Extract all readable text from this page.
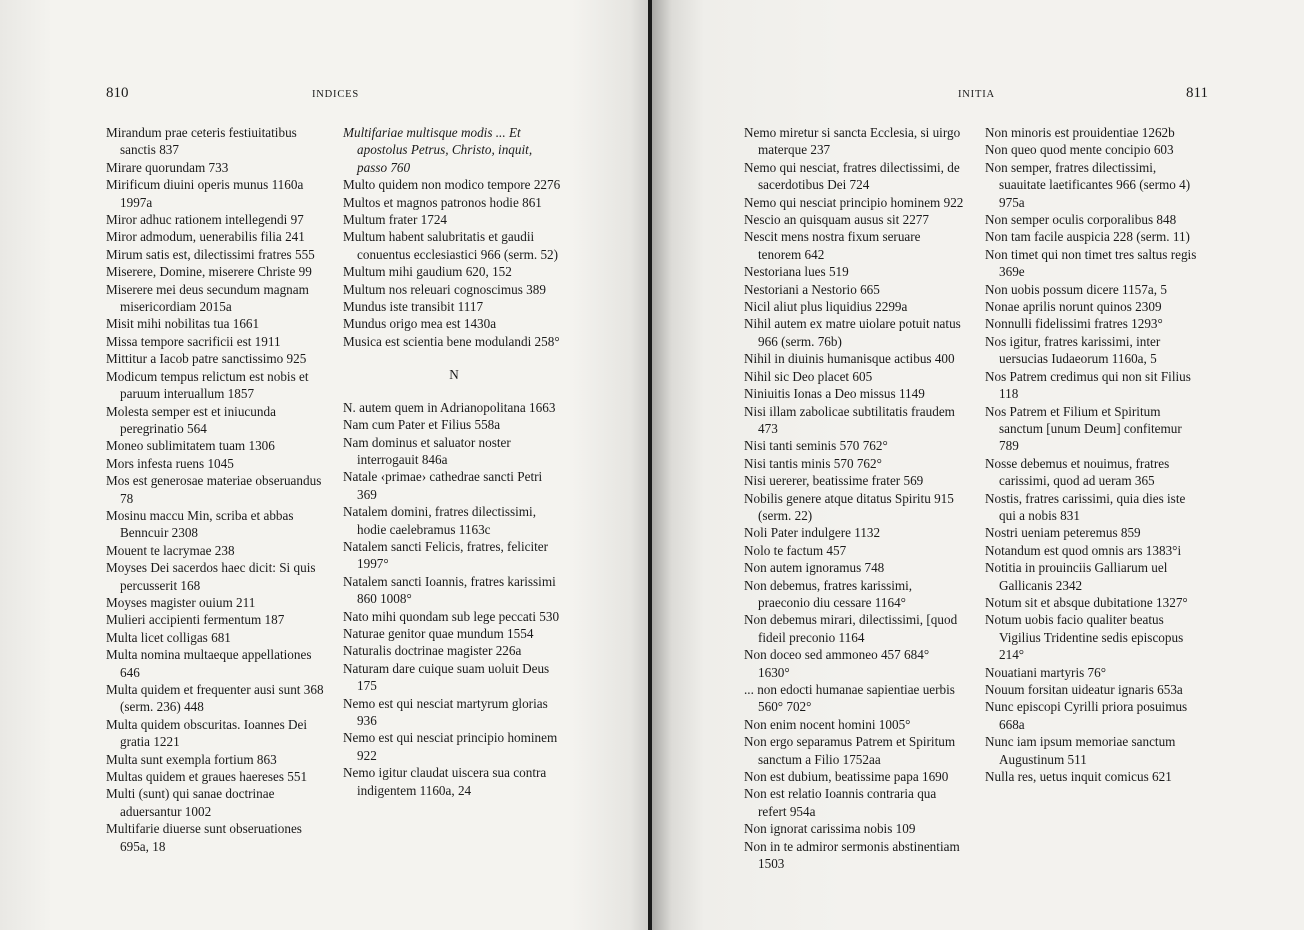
810	INDICES
Mirandum prae ceteris festiuitatibus sanctis 837
Mirare quorundam 733
Mirificum diuini operis munus 1160a 1997a
Miror adhuc rationem intellegendi 97
Miror admodum, uenerabilis filia 241
Mirum satis est, dilectissimi fratres 555
Miserere, Domine, miserere Christe 99
Miserere mei deus secundum magnam misericordiam 2015a
Misit mihi nobilitas tua 1661
Missa tempore sacrificii est 1911
Mittitur a Iacob patre sanctissimo 925
Modicum tempus relictum est nobis et paruum interuallum 1857
Molesta semper est et iniucunda peregrinatio 564
Moneo sublimitatem tuam 1306
Mors infesta ruens 1045
Mos est generosae materiae obseruandus 78
Mosinu maccu Min, scriba et abbas Benncuir 2308
Mouent te lacrymae 238
Moyses Dei sacerdos haec dicit: Si quis percusserit 168
Moyses magister ouium 211
Mulieri accipienti fermentum 187
Multa licet colligas 681
Multa nomina multaeque appellationes 646
Multa quidem et frequenter ausi sunt 368 (serm. 236) 448
Multa quidem obscuritas. Ioannes Dei gratia 1221
Multa sunt exempla fortium 863
Multas quidem et graues haereses 551
Multi (sunt) qui sanae doctrinae aduersantur 1002
Multifarie diuerse sunt obseruationes 695a, 18
Multifariae multisque modis ... Et apostolus Petrus, Christo, inquit, passo 760
Multo quidem non modico tempore 2276
Multos et magnos patronos hodie 861
Multum frater 1724
Multum habent salubritatis et gaudii conuentus ecclesiastici 966 (serm. 52)
Multum mihi gaudium 620, 152
Multum nos releuari cognoscimus 389
Mundus iste transibit 1117
Mundus origo mea est 1430a
Musica est scientia bene modulandi 258°
N
N. autem quem in Adrianopolitana 1663
Nam cum Pater et Filius 558a
Nam dominus et saluator noster interrogauit 846a
Natale ‹primae› cathedrae sancti Petri 369
Natalem domini, fratres dilectissimi, hodie caelebramus 1163c
Natalem sancti Felicis, fratres, feliciter 1997°
Natalem sancti Ioannis, fratres karissimi 860 1008°
Nato mihi quondam sub lege peccati 530
Naturae genitor quae mundum 1554
Naturalis doctrinae magister 226a
Naturam dare cuique suam uoluit Deus 175
Nemo est qui nesciat martyrum glorias 936
Nemo est qui nesciat principio hominem 922
Nemo igitur claudat uiscera sua contra indigentem 1160a, 24
INITIA	811
Nemo miretur si sancta Ecclesia, si uirgo materque 237
Nemo qui nesciat, fratres dilectissimi, de sacerdotibus Dei 724
Nemo qui nesciat principio hominem 922
Nescio an quisquam ausus sit 2277
Nescit mens nostra fixum seruare tenorem 642
Nestoriana lues 519
Nestoriani a Nestorio 665
Nicil aliut plus liquidius 2299a
Nihil autem ex matre uiolare potuit natus 966 (serm. 76b)
Nihil in diuinis humanisque actibus 400
Nihil sic Deo placet 605
Niniuitis Ionas a Deo missus 1149
Nisi illam zabolicae subtilitatis fraudem 473
Nisi tanti seminis 570 762°
Nisi tantis minis 570 762°
Nisi uererer, beatissime frater 569
Nobilis genere atque ditatus Spiritu 915 (serm. 22)
Noli Pater indulgere 1132
Nolo te factum 457
Non autem ignoramus 748
Non debemus, fratres karissimi, praeconio diu cessare 1164°
Non debemus mirari, dilectissimi, [quod fideil preconio 1164
Non doceo sed ammoneo 457 684° 1630°
... non edocti humanae sapientiae uerbis 560° 702°
Non enim nocent homini 1005°
Non ergo separamus Patrem et Spiritum sanctum a Filio 1752aa
Non est dubium, beatissime papa 1690
Non est relatio Ioannis contraria qua refert 954a
Non ignorat carissima nobis 109
Non in te admiror sermonis abstinentiam 1503
Non minoris est prouidentiae 1262b
Non queo quod mente concipio 603
Non semper, fratres dilectissimi, suauitate laetificantes 966 (sermo 4) 975a
Non semper oculis corporalibus 848
Non tam facile auspicia 228 (serm. 11)
Non timet qui non timet tres saltus regis 369e
Non uobis possum dicere 1157a, 5
Nonae aprilis norunt quinos 2309
Nonnulli fidelissimi fratres 1293°
Nos igitur, fratres karissimi, inter uersucias Iudaeorum 1160a, 5
Nos Patrem credimus qui non sit Filius 118
Nos Patrem et Filium et Spiritum sanctum [unum Deum] confitemur 789
Nosse debemus et nouimus, fratres carissimi, quod ad ueram 365
Nostis, fratres carissimi, quia dies iste qui a nobis 831
Nostri ueniam peteremus 859
Notandum est quod omnis ars 1383°i
Notitia in prouinciis Galliarum uel Gallicanis 2342
Notum sit et absque dubitatione 1327°
Notum uobis facio qualiter beatus Vigilius Tridentine sedis episcopus 214°
Nouatiani martyris 76°
Nouum forsitan uideatur ignaris 653a
Nunc episcopi Cyrilli priora posuimus 668a
Nunc iam ipsum memoriae sanctum Augustinum 511
Nulla res, uetus inquit comicus 621
